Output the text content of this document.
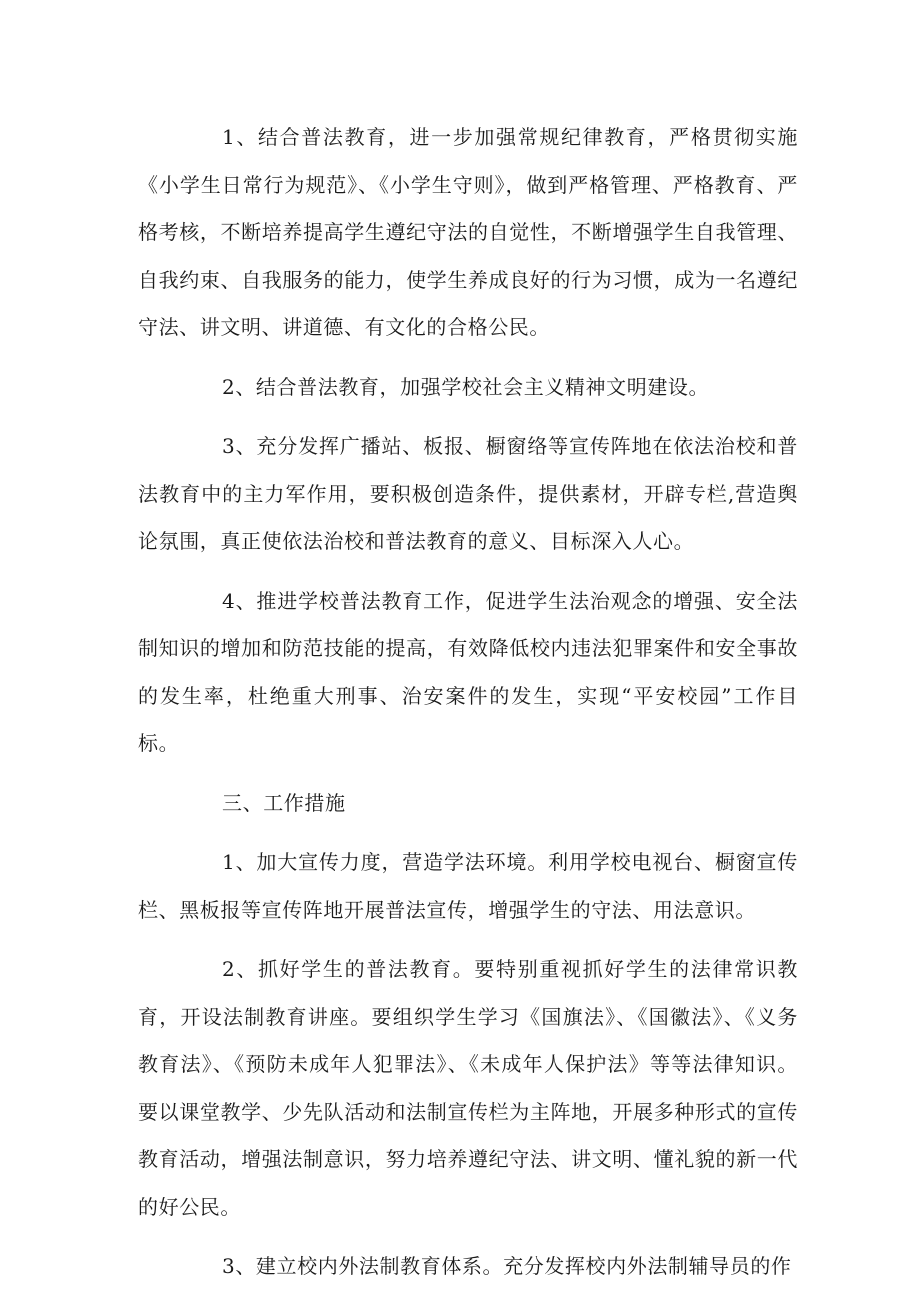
1、结合普法教育，进一步加强常规纪律教育，严格贯彻实施《小学生日常行为规范》、《小学生守则》，做到严格管理、严格教育、严格考核，不断培养提高学生遵纪守法的自觉性，不断增强学生自我管理、自我约束、自我服务的能力，使学生养成良好的行为习惯，成为一名遵纪守法、讲文明、讲道德、有文化的合格公民。

2、结合普法教育，加强学校社会主义精神文明建设。

3、充分发挥广播站、板报、橱窗络等宣传阵地在依法治校和普法教育中的主力军作用，要积极创造条件，提供素材，开辟专栏,营造舆论氛围，真正使依法治校和普法教育的意义、目标深入人心。

4、推进学校普法教育工作，促进学生法治观念的增强、安全法制知识的增加和防范技能的提高，有效降低校内违法犯罪案件和安全事故的发生率，杜绝重大刑事、治安案件的发生，实现“平安校园”工作目标。

三、工作措施

1、加大宣传力度，营造学法环境。利用学校电视台、橱窗宣传栏、黑板报等宣传阵地开展普法宣传，增强学生的守法、用法意识。

2、抓好学生的普法教育。要特别重视抓好学生的法律常识教育，开设法制教育讲座。要组织学生学习《国旗法》、《国徽法》、《义务教育法》、《预防未成年人犯罪法》、《未成年人保护法》等等法律知识。要以课堂教学、少先队活动和法制宣传栏为主阵地，开展多种形式的宣传教育活动，增强法制意识，努力培养遵纪守法、讲文明、懂礼貌的新一代的好公民。

3、建立校内外法制教育体系。充分发挥校内外法制辅导员的作
